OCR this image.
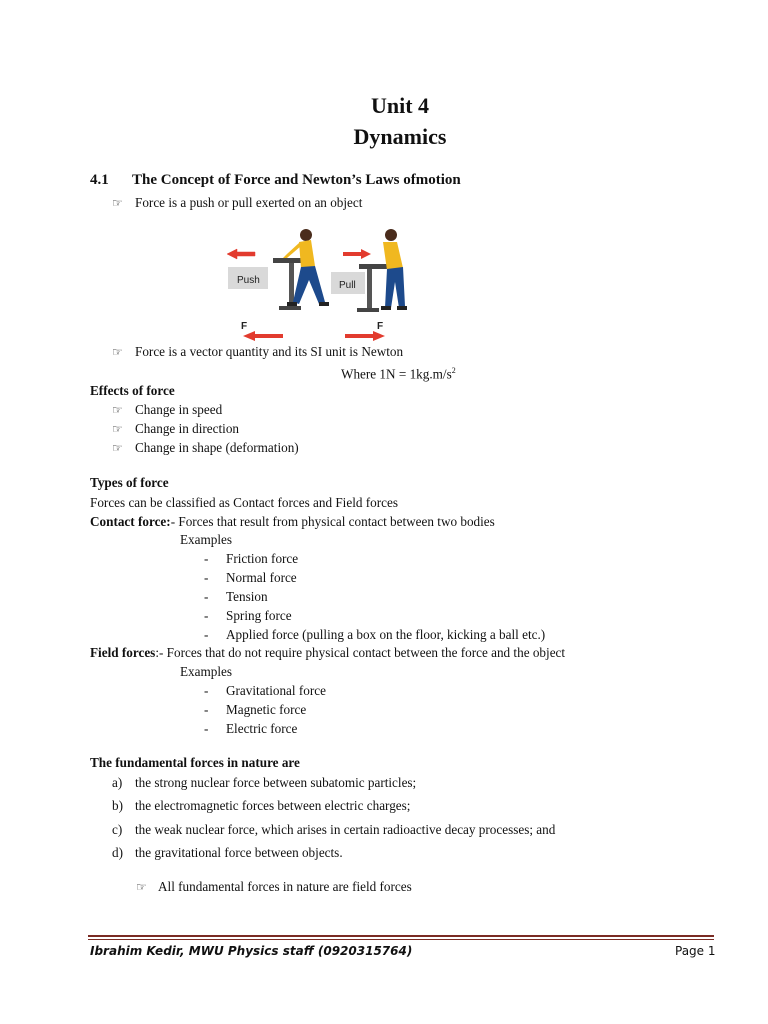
Unit 4
Dynamics
4.1 The Concept of Force and Newton’s Laws ofmotion
☞ Force is a push or pull exerted on an object
Push	Pull
F	F
☞ Force is a vector quantity and its SI unit is Newton
Where $1N = 1kg.m/s^2$
Effects of force
☞ Change in speed
☞ Change in direction
☞ Change in shape (deformation)
Types of force
Forces can be classified as Contact forces and Field forces
Contact force:- Forces that result from physical contact between two bodies
Examples
- Friction force
- Normal force
- Tension
- Spring force
- Applied force (pulling a box on the floor, kicking a ball etc.)
Field forces:- Forces that do not require physical contact between the force and the object
Examples
- Gravitational force
- Magnetic force
- Electric force
The fundamental forces in nature are
a) the strong nuclear force between subatomic particles;
b) the electromagnetic forces between electric charges;
c) the weak nuclear force, which arises in certain radioactive decay processes; and
d) the gravitational force between objects.
☞ All fundamental forces in nature are field forces
Ibrahim Kedir, MWU Physics staff (0920315764)	Page 1
